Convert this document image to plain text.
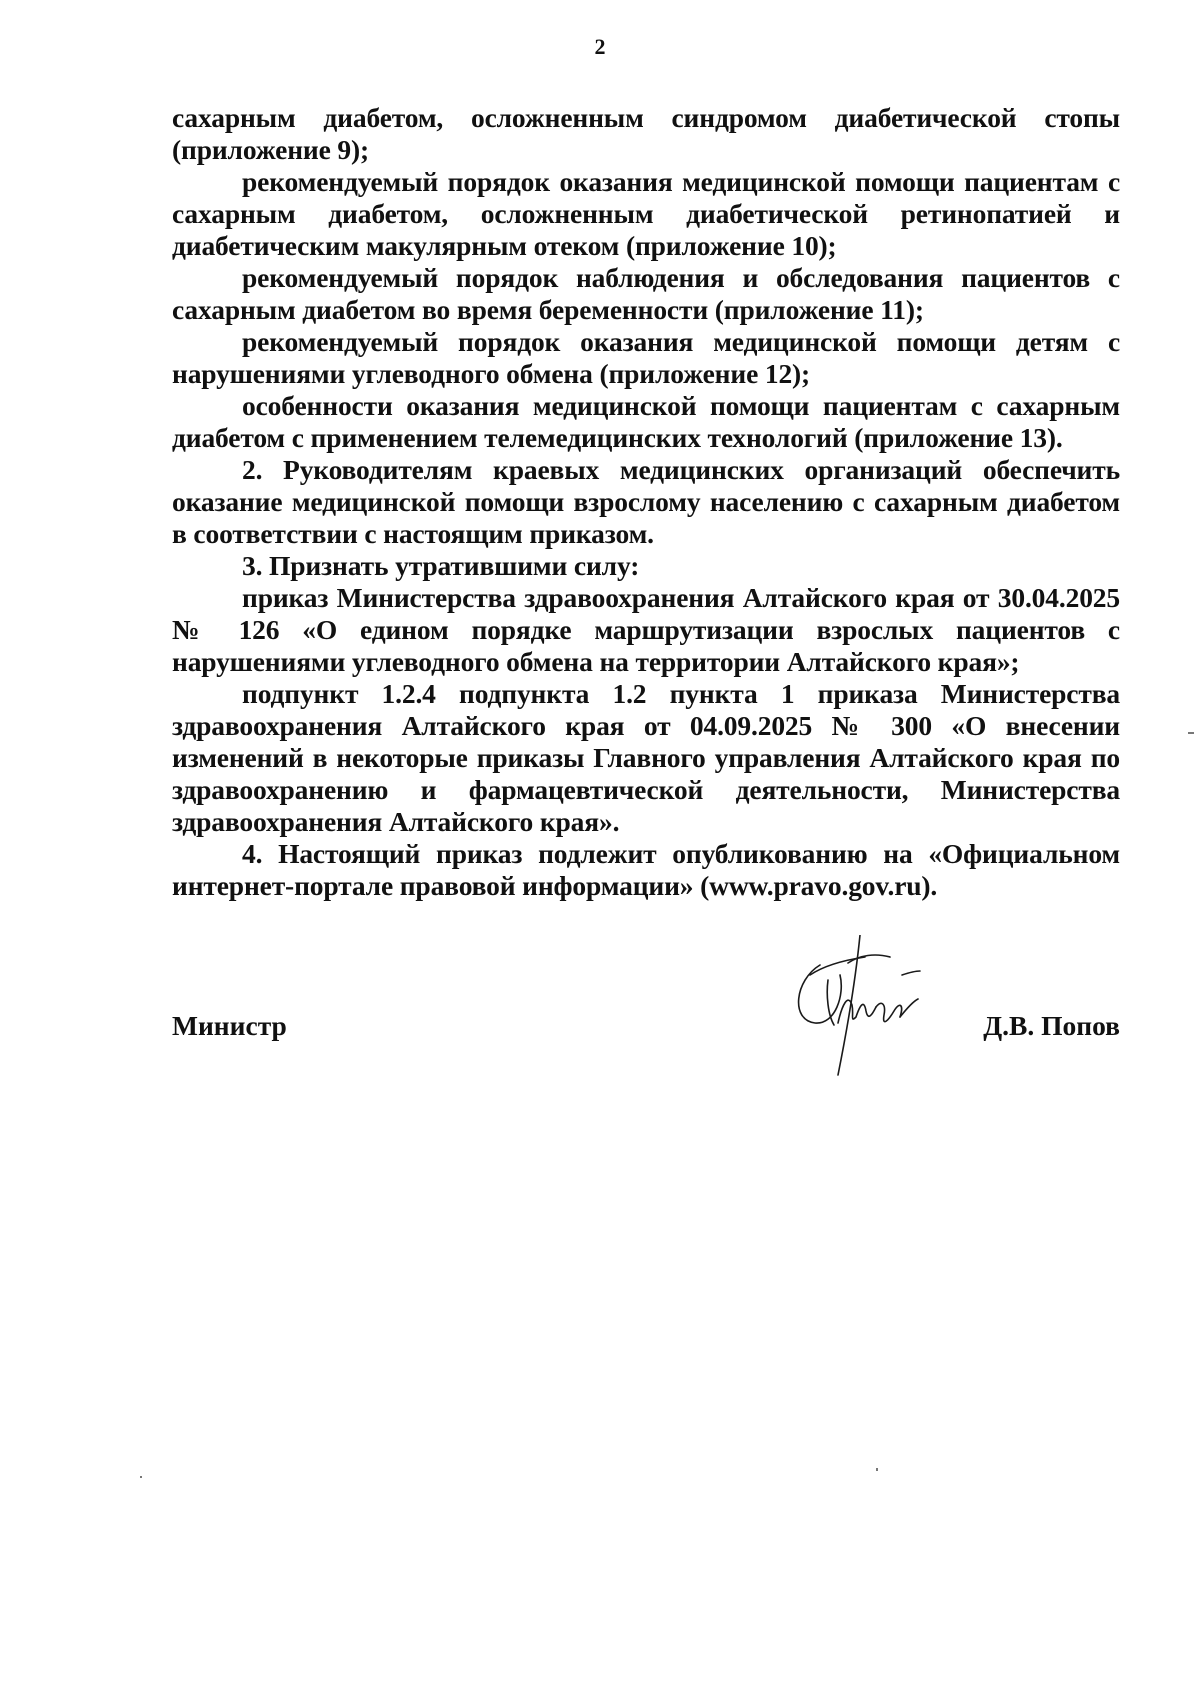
2

сахарным диабетом, осложненным синдромом диабетической стопы (приложение 9);

рекомендуемый порядок оказания медицинской помощи пациентам с сахарным диабетом, осложненным диабетической ретинопатией и диабетическим макулярным отеком (приложение 10);

рекомендуемый порядок наблюдения и обследования пациентов с сахарным диабетом во время беременности (приложение 11);

рекомендуемый порядок оказания медицинской помощи детям с нарушениями углеводного обмена (приложение 12);

особенности оказания медицинской помощи пациентам с сахарным диабетом с применением телемедицинских технологий (приложение 13).

2. Руководителям краевых медицинских организаций обеспечить оказание медицинской помощи взрослому населению с сахарным диабетом в соответствии с настоящим приказом.

3. Признать утратившими силу:

приказ Министерства здравоохранения Алтайского края от 30.04.2025 № 126 «О едином порядке маршрутизации взрослых пациентов с нарушениями углеводного обмена на территории Алтайского края»;

подпункт 1.2.4 подпункта 1.2 пункта 1 приказа Министерства здравоохранения Алтайского края от 04.09.2025 № 300 «О внесении изменений в некоторые приказы Главного управления Алтайского края по здравоохранению и фармацевтической деятельности, Министерства здравоохранения Алтайского края».

4. Настоящий приказ подлежит опубликованию на «Официальном интернет-портале правовой информации» (www.pravo.gov.ru).

Министр	Д.В. Попов
